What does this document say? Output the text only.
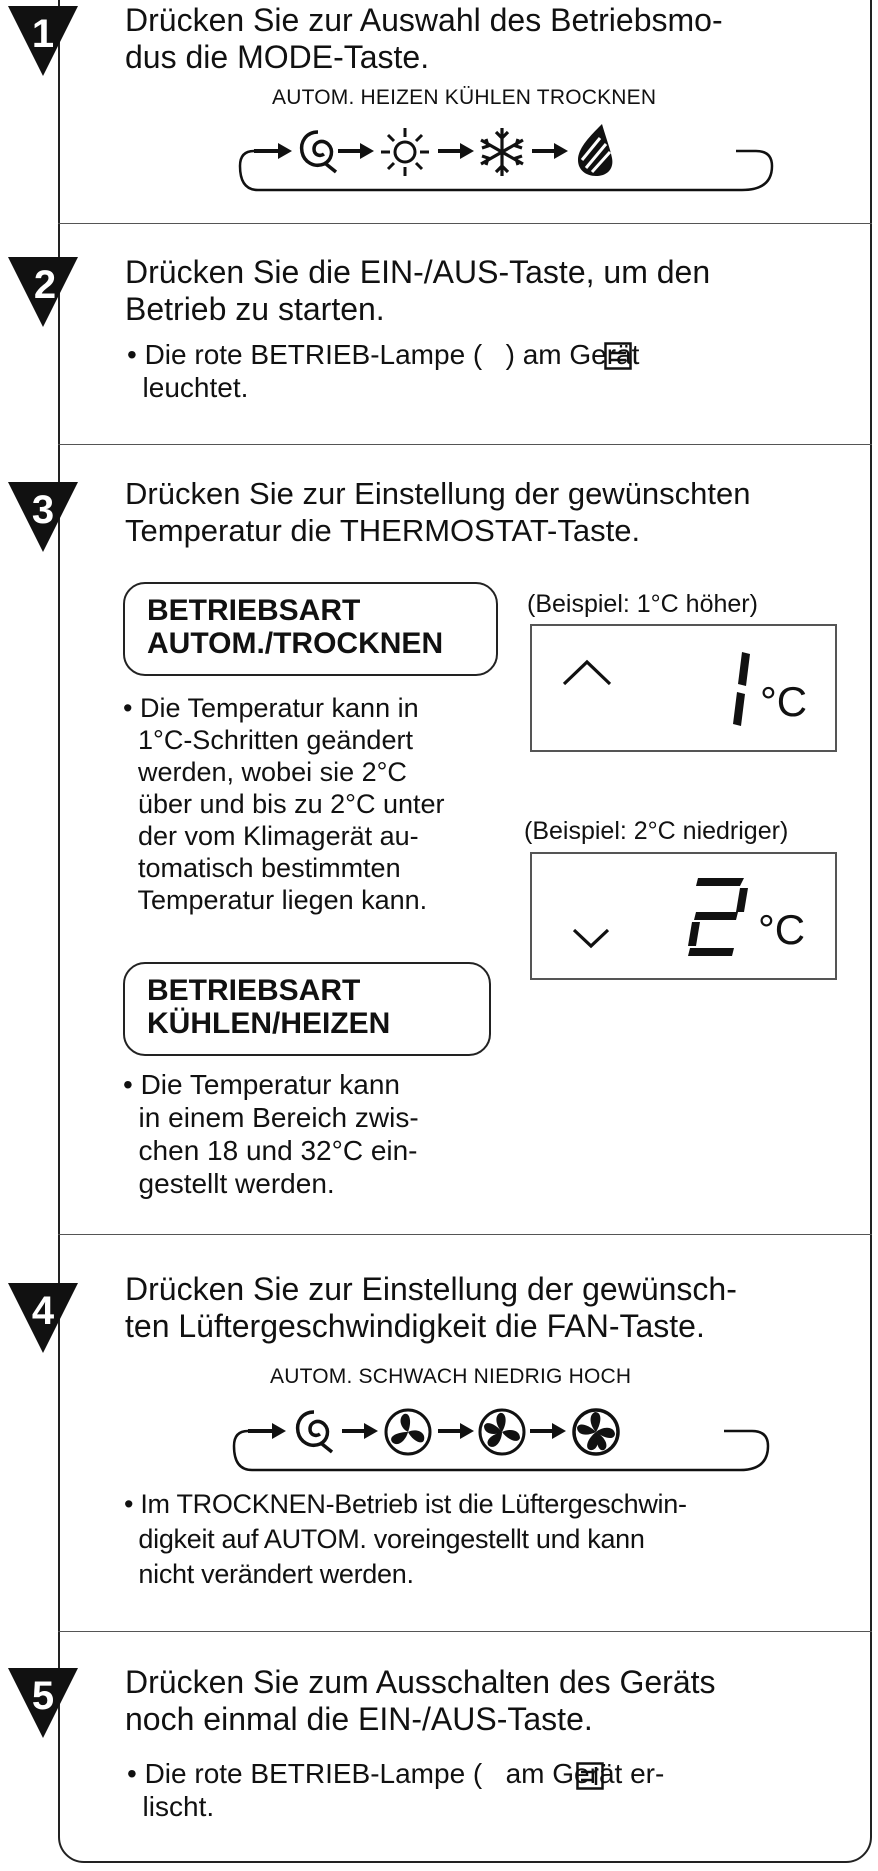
1 Drücken Sie zur Auswahl des Betriebsmo-
dus die MODE-Taste.
AUTOM. HEIZEN KÜHLEN TROCKNEN
2 Drücken Sie die EIN-/AUS-Taste, um den
Betrieb zu starten.
• Die rote BETRIEB-Lampe (   ) am Gerät
leuchtet.
3 Drücken Sie zur Einstellung der gewünschten
Temperatur die THERMOSTAT-Taste.
BETRIEBSART
AUTOM./TROCKNEN
• Die Temperatur kann in
1°C-Schritten geändert
werden, wobei sie 2°C
über und bis zu 2°C unter
der vom Klimagerät au-
tomatisch bestimmten
Temperatur liegen kann.
BETRIEBSART
KÜHLEN/HEIZEN
• Die Temperatur kann
in einem Bereich zwis-
chen 18 und 32°C ein-
gestellt werden.
(Beispiel: 1°C höher)
°C
(Beispiel: 2°C niedriger)
°C
4 Drücken Sie zur Einstellung der gewünsch-
ten Lüftergeschwindigkeit die FAN-Taste.
AUTOM. SCHWACH NIEDRIG HOCH
• Im TROCKNEN-Betrieb ist die Lüftergeschwin-
digkeit auf AUTOM. voreingestellt und kann
nicht verändert werden.
5 Drücken Sie zum Ausschalten des Geräts
noch einmal die EIN-/AUS-Taste.
• Die rote BETRIEB-Lampe (   am Gerät er-
lischt.
